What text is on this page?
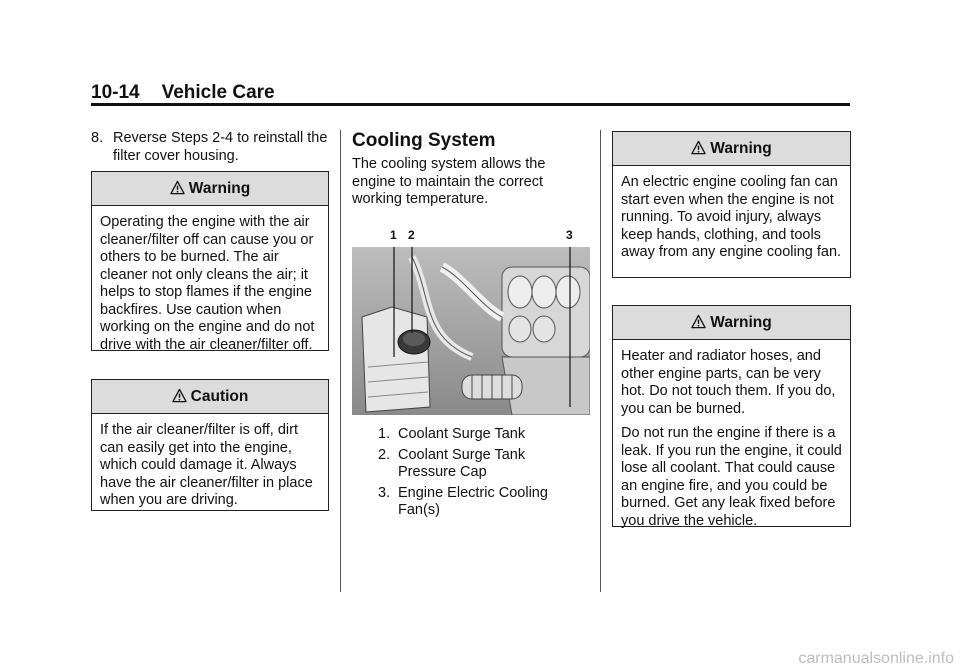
10-14 Vehicle Care
8. Reverse Steps 2-4 to reinstall the filter cover housing.
Warning
Operating the engine with the air cleaner/filter off can cause you or others to be burned. The air cleaner not only cleans the air; it helps to stop flames if the engine backfires. Use caution when working on the engine and do not drive with the air cleaner/filter off.
Caution
If the air cleaner/filter is off, dirt can easily get into the engine, which could damage it. Always have the air cleaner/filter in place when you are driving.
Cooling System
The cooling system allows the engine to maintain the correct working temperature.
1 2	3
1. Coolant Surge Tank
2. Coolant Surge Tank Pressure Cap
3. Engine Electric Cooling Fan(s)
Warning
An electric engine cooling fan can start even when the engine is not running. To avoid injury, always keep hands, clothing, and tools away from any engine cooling fan.
Warning

Heater and radiator hoses, and other engine parts, can be very hot. Do not touch them. If you do, you can be burned.

Do not run the engine if there is a leak. If you run the engine, it could lose all coolant. That could cause an engine fire, and you could be burned. Get any leak fixed before you drive the vehicle.

carmanualsonline.info
